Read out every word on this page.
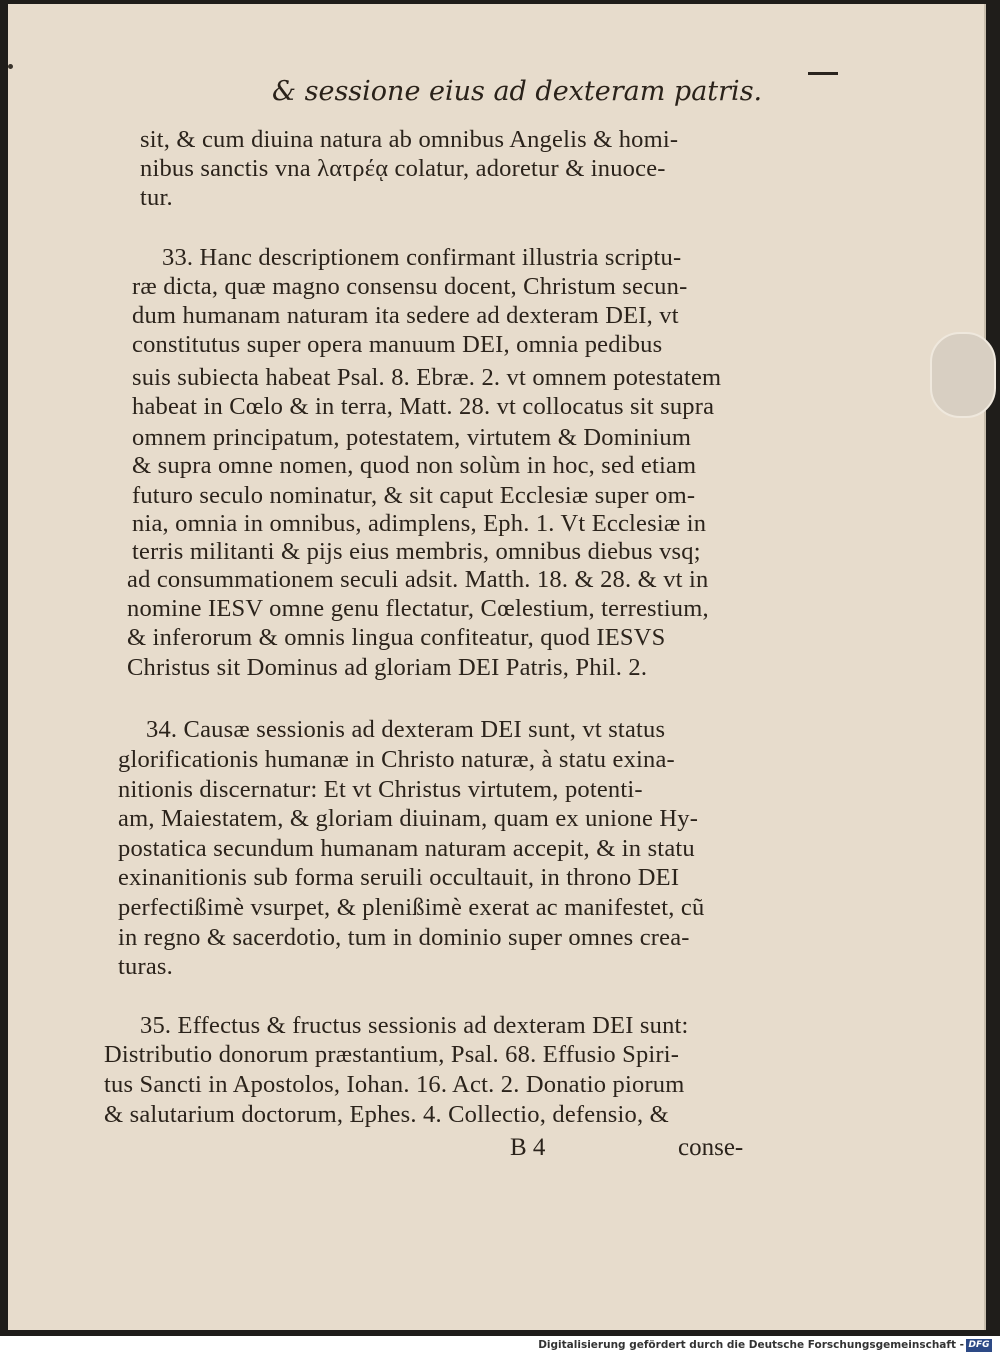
& sessione eius ad dexteram patris.
sit, & cum diuina natura ab omnibus Angelis & homi-
nibus sanctis vna λατρέᾳ colatur, adoretur & inuoce-
tur.
33. Hanc descriptionem confirmant illustria scriptu-
ræ dicta, quæ magno consensu docent, Christum secun-
dum humanam naturam ita sedere ad dexteram DEI, vt
constitutus super opera manuum DEI, omnia pedibus
suis subiecta habeat Psal. 8. Ebræ. 2. vt omnem potestatem
habeat in Cœlo & in terra, Matt. 28. vt collocatus sit supra
omnem principatum, potestatem, virtutem & Dominium
& supra omne nomen, quod non solùm in hoc, sed etiam
futuro seculo nominatur, & sit caput Ecclesiæ super om-
nia, omnia in omnibus, adimplens, Eph. 1. Vt Ecclesiæ in
terris militanti & pijs eius membris, omnibus diebus vsq;
ad consummationem seculi adsit. Matth. 18. & 28. & vt in
nomine IESV omne genu flectatur, Cœlestium, terrestium,
& inferorum & omnis lingua confiteatur, quod IESVS
Christus sit Dominus ad gloriam DEI Patris, Phil. 2.
34. Causæ sessionis ad dexteram DEI sunt, vt status
glorificationis humanæ in Christo naturæ, à statu exina-
nitionis discernatur: Et vt Christus virtutem, potenti-
am, Maiestatem, & gloriam diuinam, quam ex unione Hy-
postatica secundum humanam naturam accepit, & in statu
exinanitionis sub forma seruili occultauit, in throno DEI
perfectißimè vsurpet, & plenißimè exerat ac manifestet, cũ
in regno & sacerdotio, tum in dominio super omnes crea-
turas.
35. Effectus & fructus sessionis ad dexteram DEI sunt:
Distributio donorum præstantium, Psal. 68. Effusio Spiri-
tus Sancti in Apostolos, Iohan. 16. Act. 2. Donatio piorum
& salutarium doctorum, Ephes. 4. Collectio, defensio, &
B 4	conse-
Digitalisierung gefördert durch die Deutsche Forschungsgemeinschaft - DFG
